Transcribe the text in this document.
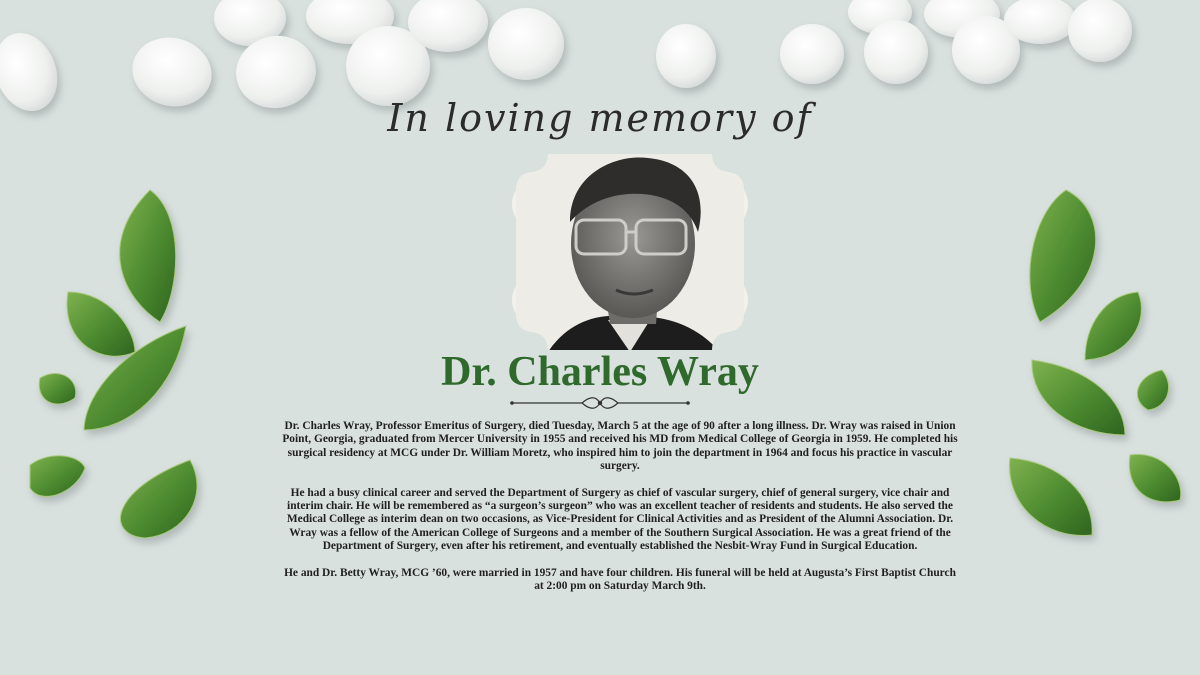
In loving memory of
Dr. Charles Wray

Dr. Charles Wray, Professor Emeritus of Surgery, died Tuesday, March 5 at the age of 90 after a long illness. Dr. Wray was raised in Union Point, Georgia, graduated from Mercer University in 1955 and received his MD from Medical College of Georgia in 1959. He completed his surgical residency at MCG under Dr. William Moretz, who inspired him to join the department in 1964 and focus his practice in vascular surgery.

He had a busy clinical career and served the Department of Surgery as chief of vascular surgery, chief of general surgery, vice chair and interim chair. He will be remembered as “a surgeon’s surgeon” who was an excellent teacher of residents and students. He also served the Medical College as interim dean on two occasions, as Vice-President for Clinical Activities and as President of the Alumni Association. Dr. Wray was a fellow of the American College of Surgeons and a member of the Southern Surgical Association. He was a great friend of the Department of Surgery, even after his retirement, and eventually established the Nesbit-Wray Fund in Surgical Education.

He and Dr. Betty Wray, MCG ’60, were married in 1957 and have four children. His funeral will be held at Augusta’s First Baptist Church at 2:00 pm on Saturday March 9th.
